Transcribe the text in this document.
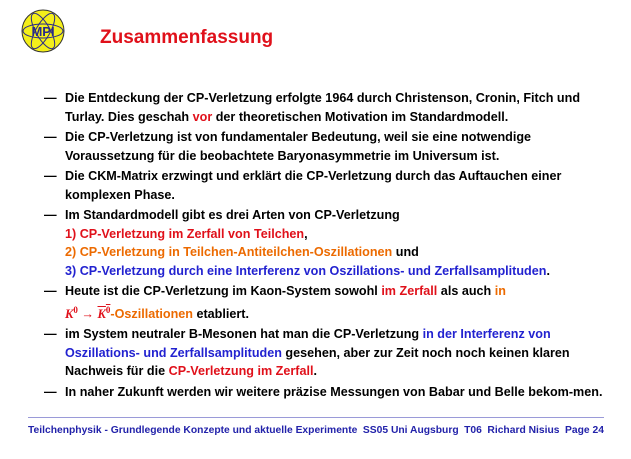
MPI Zusammenfassung
— Die Entdeckung der CP-Verletzung erfolgte 1964 durch Christenson, Cronin, Fitch und Turlay. Dies geschah vor der theoretischen Motivation im Standardmodell.
— Die CP-Verletzung ist von fundamentaler Bedeutung, weil sie eine notwendige Voraussetzung für die beobachtete Baryonasymmetrie im Universum ist.
— Die CKM-Matrix erzwingt und erklärt die CP-Verletzung durch das Auftauchen einer komplexen Phase.
— Im Standardmodell gibt es drei Arten von CP-Verletzung
1) CP-Verletzung im Zerfall von Teilchen,
2) CP-Verletzung in Teilchen-Antiteilchen-Oszillationen und
3) CP-Verletzung durch eine Interferenz von Oszillations- und Zerfallsamplituden.
— Heute ist die CP-Verletzung im Kaon-System sowohl im Zerfall als auch in
$K^0$ → $K^0$-Oszillationen etabliert.
— im System neutraler B-Mesonen hat man die CP-Verletzung in der Interferenz von Oszillations- und Zerfallsamplituden gesehen, aber zur Zeit noch noch keinen klaren Nachweis für die CP-Verletzung im Zerfall.
— In naher Zukunft werden wir weitere präzise Messungen von Babar und Belle bekom-men.
Teilchenphysik - Grundlegende Konzepte und aktuelle Experimente SS05 Uni Augsburg T06 Richard Nisius Page 24
